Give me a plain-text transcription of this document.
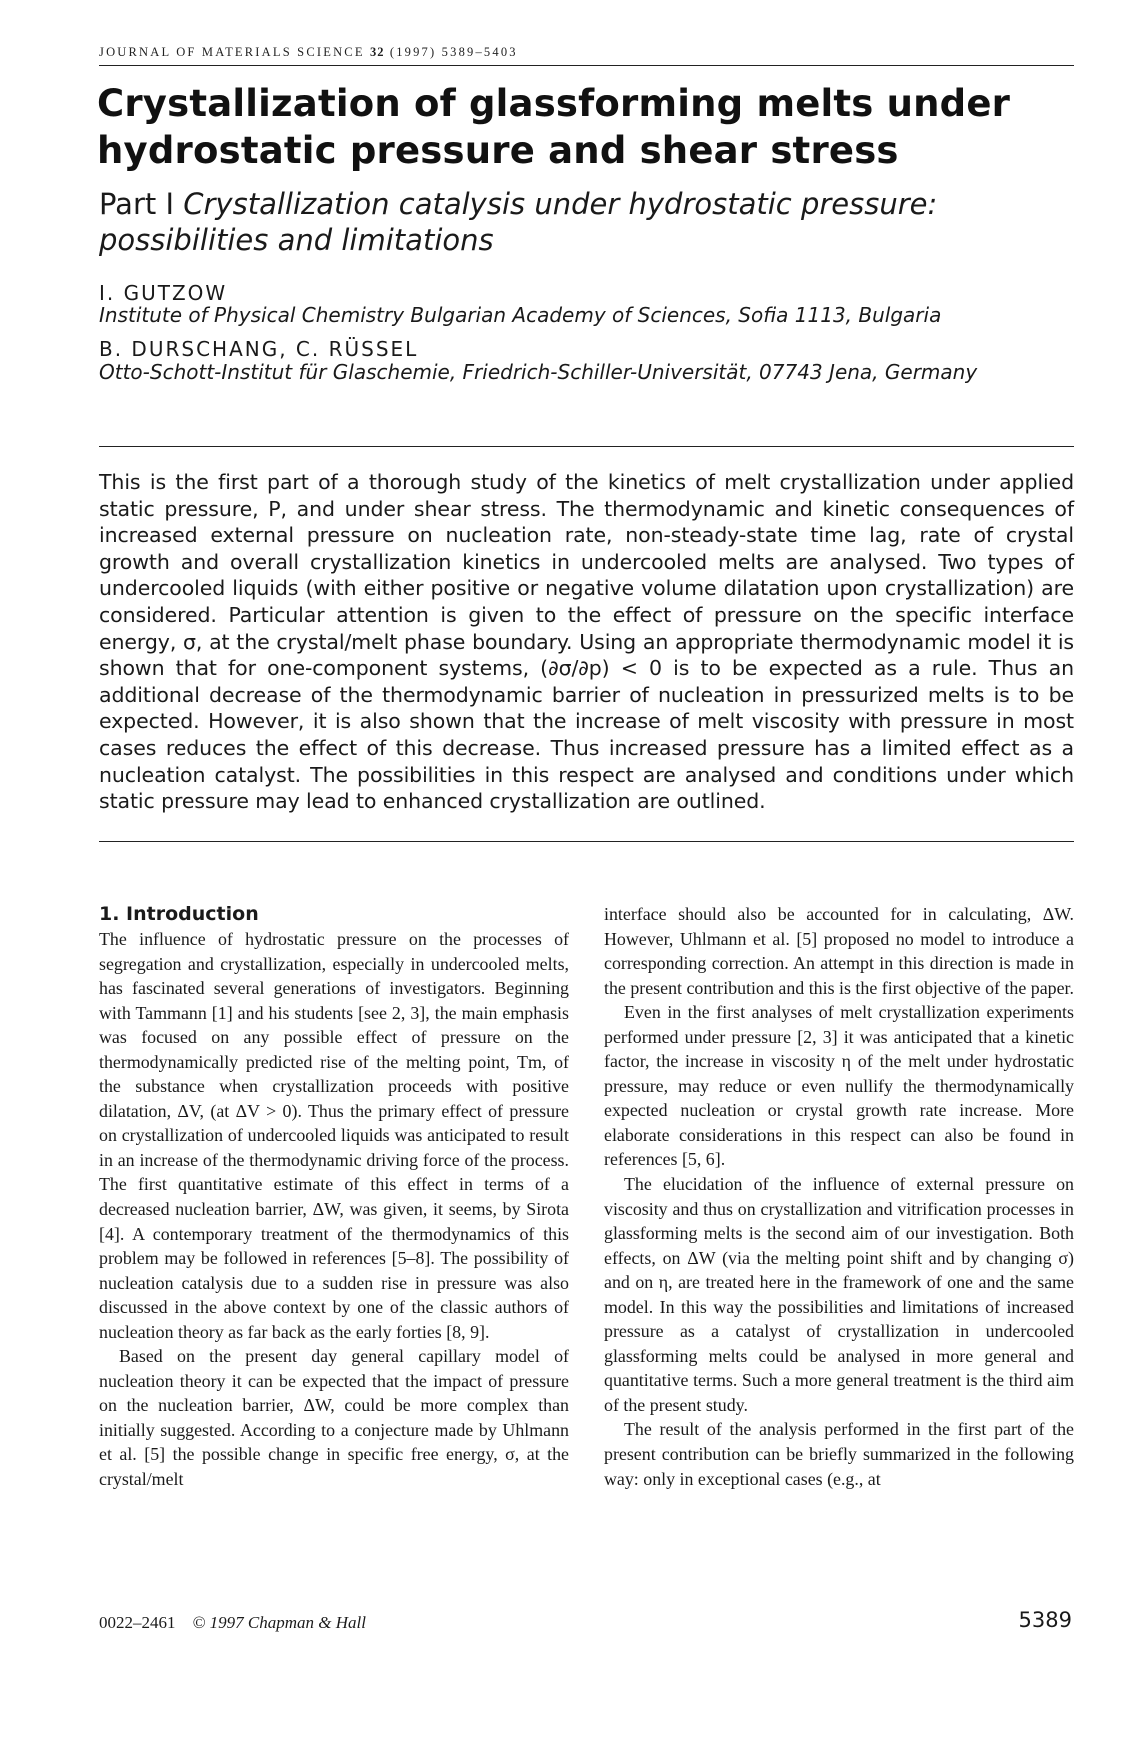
JOURNAL OF MATERIALS SCIENCE 32 (1997) 5389–5403
Crystallization of glassforming melts under hydrostatic pressure and shear stress

Part I Crystallization catalysis under hydrostatic pressure: possibilities and limitations

I. GUTZOW
Institute of Physical Chemistry Bulgarian Academy of Sciences, Sofia 1113, Bulgaria
B. DURSCHANG, C. RÜSSEL
Otto-Schott-Institut für Glaschemie, Friedrich-Schiller-Universität, 07743 Jena, Germany

This is the first part of a thorough study of the kinetics of melt crystallization under applied static pressure, P, and under shear stress. The thermodynamic and kinetic consequences of increased external pressure on nucleation rate, non-steady-state time lag, rate of crystal growth and overall crystallization kinetics in undercooled melts are analysed. Two types of undercooled liquids (with either positive or negative volume dilatation upon crystallization) are considered. Particular attention is given to the effect of pressure on the specific interface energy, σ, at the crystal/melt phase boundary. Using an appropriate thermodynamic model it is shown that for one-component systems, (∂σ/∂p) < 0 is to be expected as a rule. Thus an additional decrease of the thermodynamic barrier of nucleation in pressurized melts is to be expected. However, it is also shown that the increase of melt viscosity with pressure in most cases reduces the effect of this decrease. Thus increased pressure has a limited effect as a nucleation catalyst. The possibilities in this respect are analysed and conditions under which static pressure may lead to enhanced crystallization are outlined.

1. Introduction

The influence of hydrostatic pressure on the processes of segregation and crystallization, especially in undercooled melts, has fascinated several generations of investigators. Beginning with Tammann [1] and his students [see 2, 3], the main emphasis was focused on any possible effect of pressure on the thermodynamically predicted rise of the melting point, Tm, of the substance when crystallization proceeds with positive dilatation, ΔV, (at ΔV > 0). Thus the primary effect of pressure on crystallization of undercooled liquids was anticipated to result in an increase of the thermodynamic driving force of the process. The first quantitative estimate of this effect in terms of a decreased nucleation barrier, ΔW, was given, it seems, by Sirota [4]. A contemporary treatment of the thermodynamics of this problem may be followed in references [5–8]. The possibility of nucleation catalysis due to a sudden rise in pressure was also discussed in the above context by one of the classic authors of nucleation theory as far back as the early forties [8, 9].

Based on the present day general capillary model of nucleation theory it can be expected that the impact of pressure on the nucleation barrier, ΔW, could be more complex than initially suggested. According to a conjecture made by Uhlmann et al. [5] the possible change in specific free energy, σ, at the crystal/melt

interface should also be accounted for in calculating, ΔW. However, Uhlmann et al. [5] proposed no model to introduce a corresponding correction. An attempt in this direction is made in the present contribution and this is the first objective of the paper.

Even in the first analyses of melt crystallization experiments performed under pressure [2, 3] it was anticipated that a kinetic factor, the increase in viscosity η of the melt under hydrostatic pressure, may reduce or even nullify the thermodynamically expected nucleation or crystal growth rate increase. More elaborate considerations in this respect can also be found in references [5, 6].

The elucidation of the influence of external pressure on viscosity and thus on crystallization and vitrification processes in glassforming melts is the second aim of our investigation. Both effects, on ΔW (via the melting point shift and by changing σ) and on η, are treated here in the framework of one and the same model. In this way the possibilities and limitations of increased pressure as a catalyst of crystallization in undercooled glassforming melts could be analysed in more general and quantitative terms. Such a more general treatment is the third aim of the present study.

The result of the analysis performed in the first part of the present contribution can be briefly summarized in the following way: only in exceptional cases (e.g., at

0022–2461 © 1997 Chapman & Hall	5389
